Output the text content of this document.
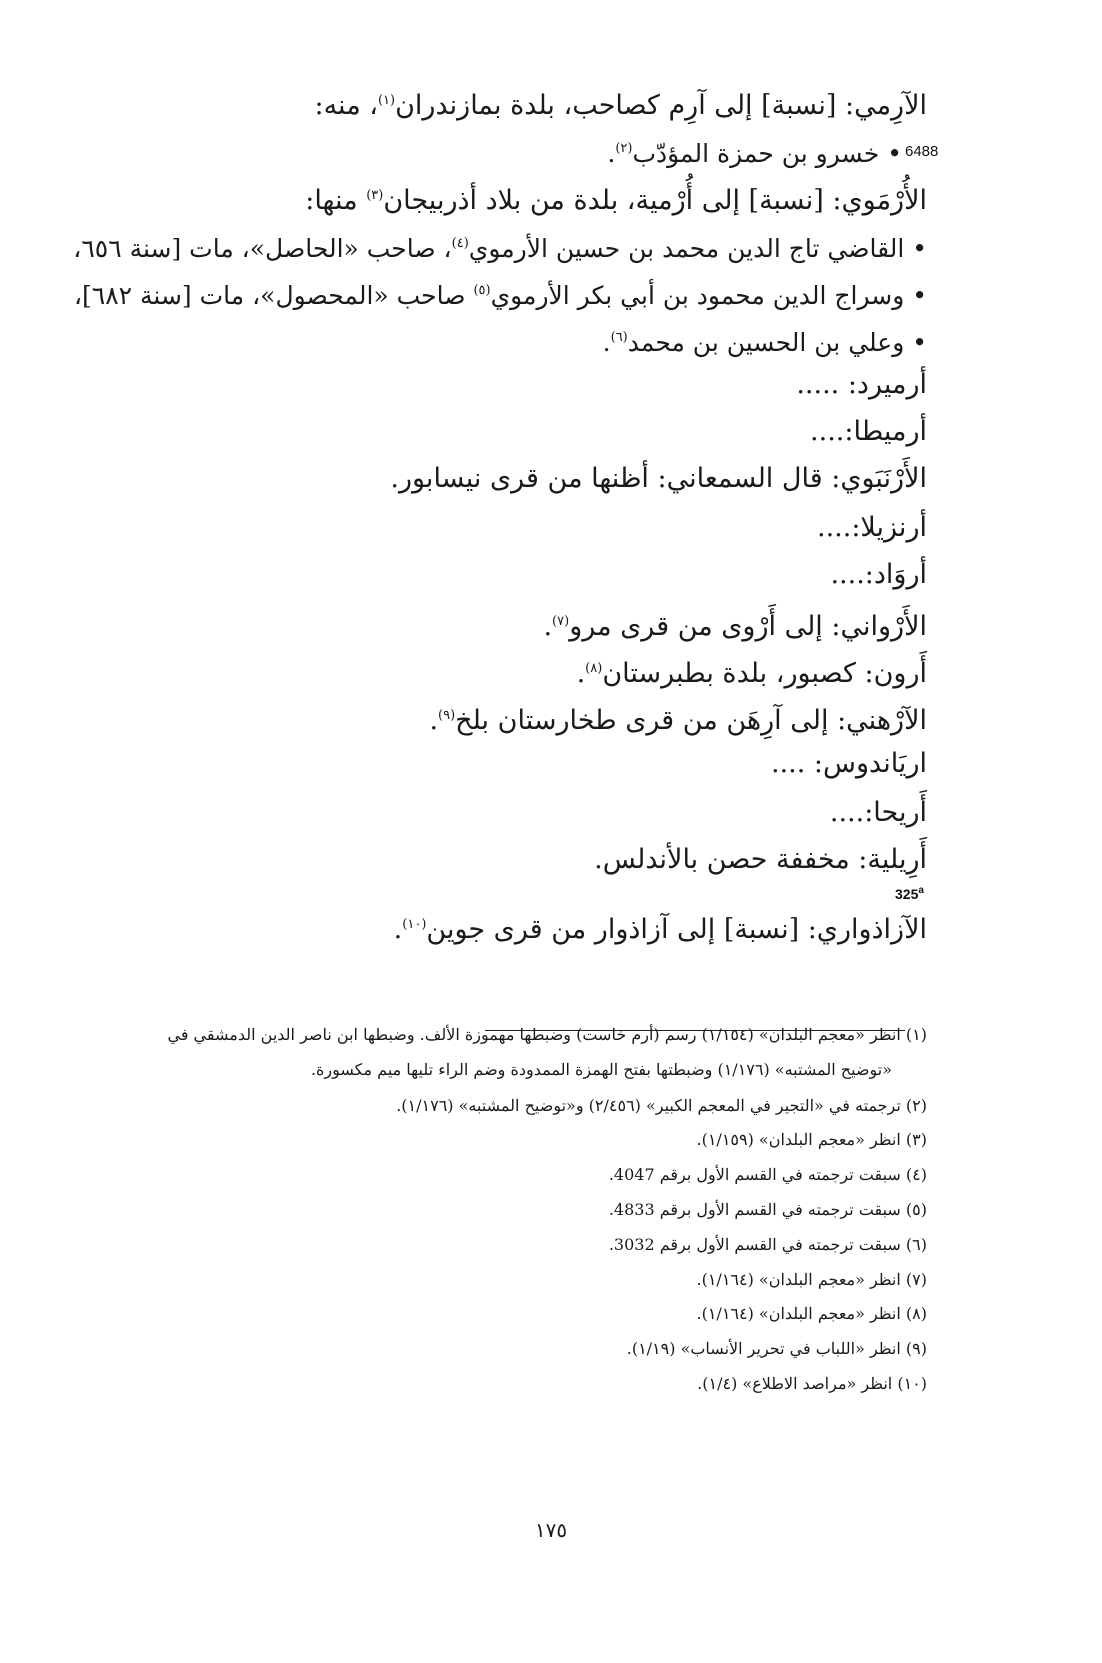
6488
325$^a$
الآرِمي: [نسبة] إلى آرِم كصاحب، بلدة بمازندران$^{(١)}$، منه:
• خسرو بن حمزة المؤدّب$^{(٢)}$.
الأُرْمَوي: [نسبة] إلى أُرْمية، بلدة من بلاد أذربيجان$^{(٣)}$ منها:
• القاضي تاج الدين محمد بن حسين الأرموي$^{(٤)}$، صاحب «الحاصل»، مات [سنة ٦٥٦،
• وسراج الدين محمود بن أبي بكر الأرموي$^{(٥)}$ صاحب «المحصول»، مات [سنة ٦٨٢]،
• وعلي بن الحسين بن محمد$^{(٦)}$.
أرميرد: .....
أرميطا:....
الأَرْنَبَوي: قال السمعاني: أظنها من قرى نيسابور.
أرنزيلا:....
أروَاد:....
الأَرْواني: إلى أَرْوى من قرى مرو$^{(٧)}$.
أَرون: كصبور، بلدة بطبرستان$^{(٨)}$.
الآرْهني: إلى آرِهَن من قرى طخارستان بلخ$^{(٩)}$.
اريَاندوس: ....
أَريحا:....
أَرِيلية: مخففة حصن بالأندلس.
الآزاذواري: [نسبة] إلى آزاذوار من قرى جوين$^{(١٠)}$.
(١) انظر «معجم البلدان» (١/١٥٤) رسم (أرم خاست) وضبطها مهموزة الألف. وضبطها ابن ناصر الدين الدمشقي في
«توضيح المشتبه» (١/١٧٦) وضبطتها بفتح الهمزة الممدودة وضم الراء تليها ميم مكسورة.
(٢) ترجمته في «التجير في المعجم الكبير» (٢/٤٥٦) و«توضيح المشتبه» (١/١٧٦).
(٣) انظر «معجم البلدان» (١/١٥٩).
(٤) سبقت ترجمته في القسم الأول برقم 4047.
(٥) سبقت ترجمته في القسم الأول برقم 4833.
(٦) سبقت ترجمته في القسم الأول برقم 3032.
(٧) انظر «معجم البلدان» (١/١٦٤).
(٨) انظر «معجم البلدان» (١/١٦٤).
(٩) انظر «اللباب في تحرير الأنساب» (١/١٩).
(١٠) انظر «مراصد الاطلاع» (١/٤).
١٧٥
